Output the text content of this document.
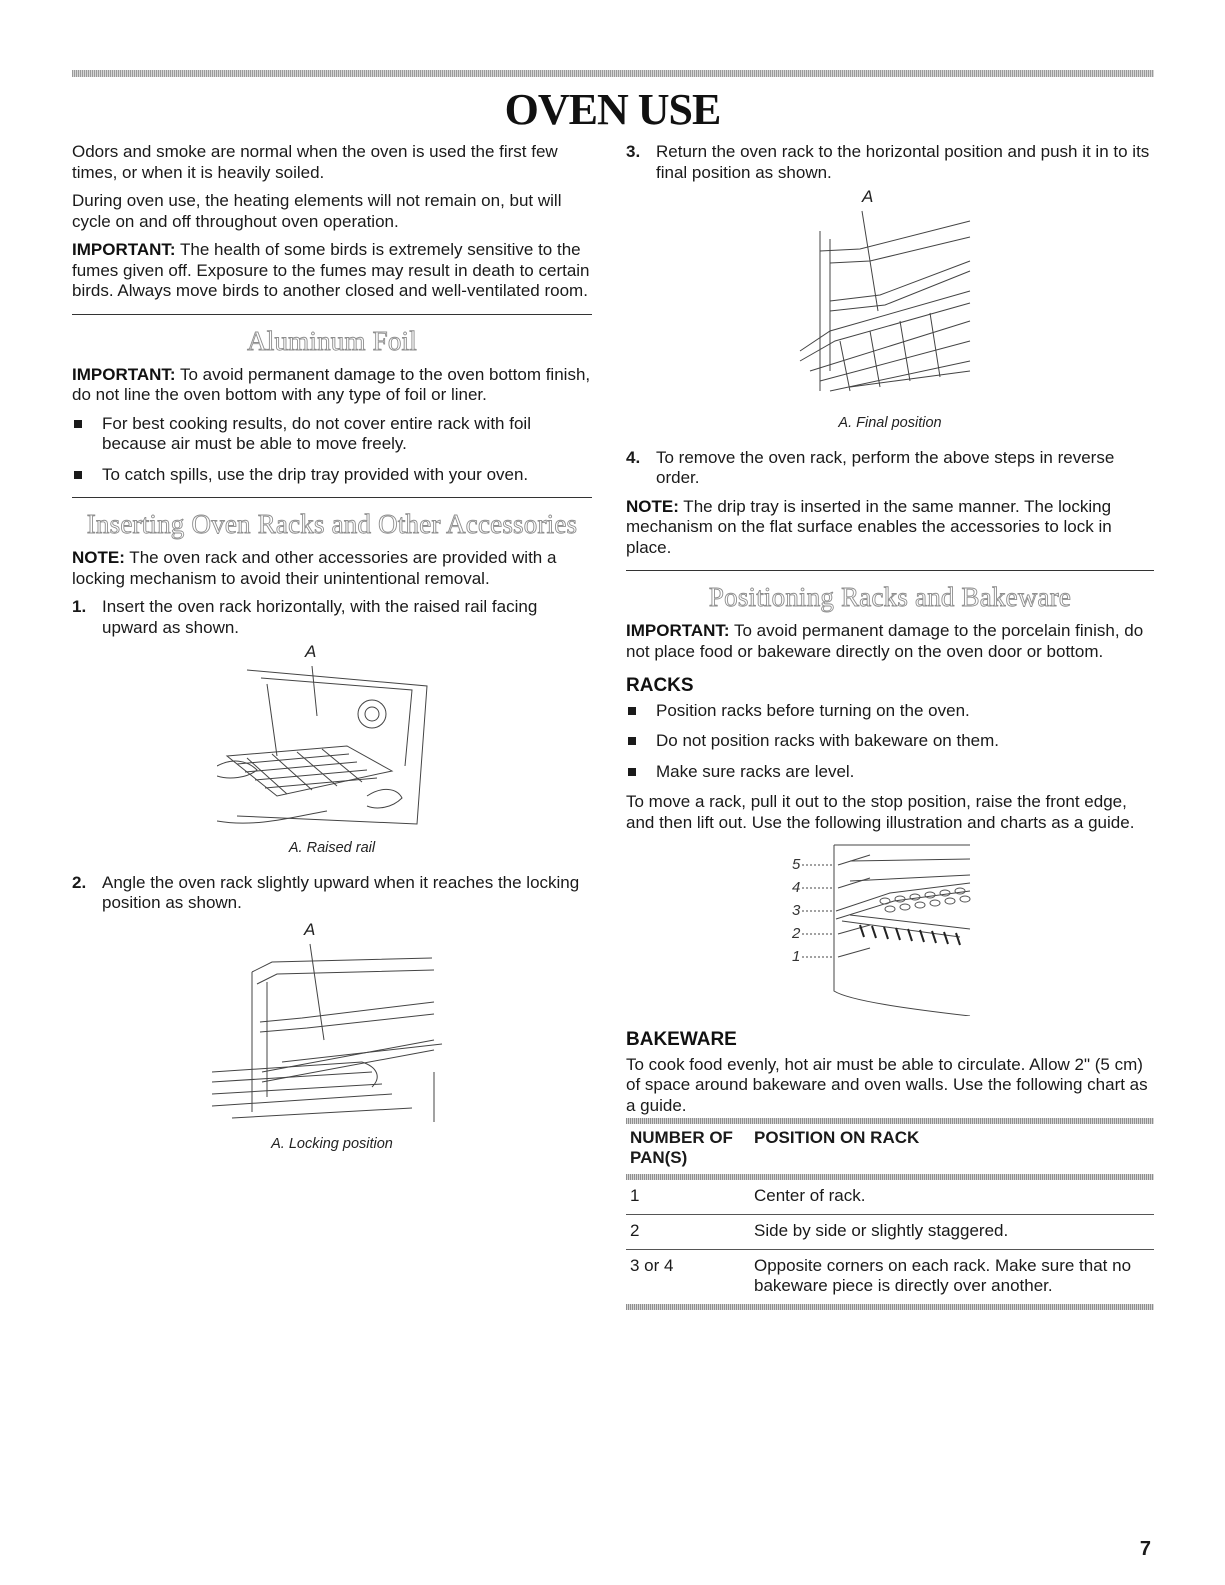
OVEN USE

Odors and smoke are normal when the oven is used the first few times, or when it is heavily soiled.

During oven use, the heating elements will not remain on, but will cycle on and off throughout oven operation.

IMPORTANT: The health of some birds is extremely sensitive to the fumes given off. Exposure to the fumes may result in death to certain birds. Always move birds to another closed and well-ventilated room.

Aluminum Foil

IMPORTANT: To avoid permanent damage to the oven bottom finish, do not line the oven bottom with any type of foil or liner.

For best cooking results, do not cover entire rack with foil because air must be able to move freely.
To catch spills, use the drip tray provided with your oven.
Inserting Oven Racks and Other Accessories

NOTE: The oven rack and other accessories are provided with a locking mechanism to avoid their unintentional removal.

1. Insert the oven rack horizontally, with the raised rail facing upward as shown.
A
A. Raised rail
2. Angle the oven rack slightly upward when it reaches the locking position as shown.
A
A. Locking position
3. Return the oven rack to the horizontal position and push it in to its final position as shown.
A
A. Final position
4. To remove the oven rack, perform the above steps in reverse order.

NOTE: The drip tray is inserted in the same manner. The locking mechanism on the flat surface enables the accessories to lock in place.

Positioning Racks and Bakeware

IMPORTANT: To avoid permanent damage to the porcelain finish, do not place food or bakeware directly on the oven door or bottom.

RACKS
Position racks before turning on the oven.
Do not position racks with bakeware on them.
Make sure racks are level.

To move a rack, pull it out to the stop position, raise the front edge, and then lift out. Use the following illustration and charts as a guide.

5
4
3
2
1
BAKEWARE

To cook food evenly, hot air must be able to circulate. Allow 2" (5 cm) of space around bakeware and oven walls. Use the following chart as a guide.

NUMBER OF PAN(S)	POSITION ON RACK

1	Center of rack.
2	Side by side or slightly staggered.
3 or 4	Opposite corners on each rack. Make sure that no bakeware piece is directly over another.
7
